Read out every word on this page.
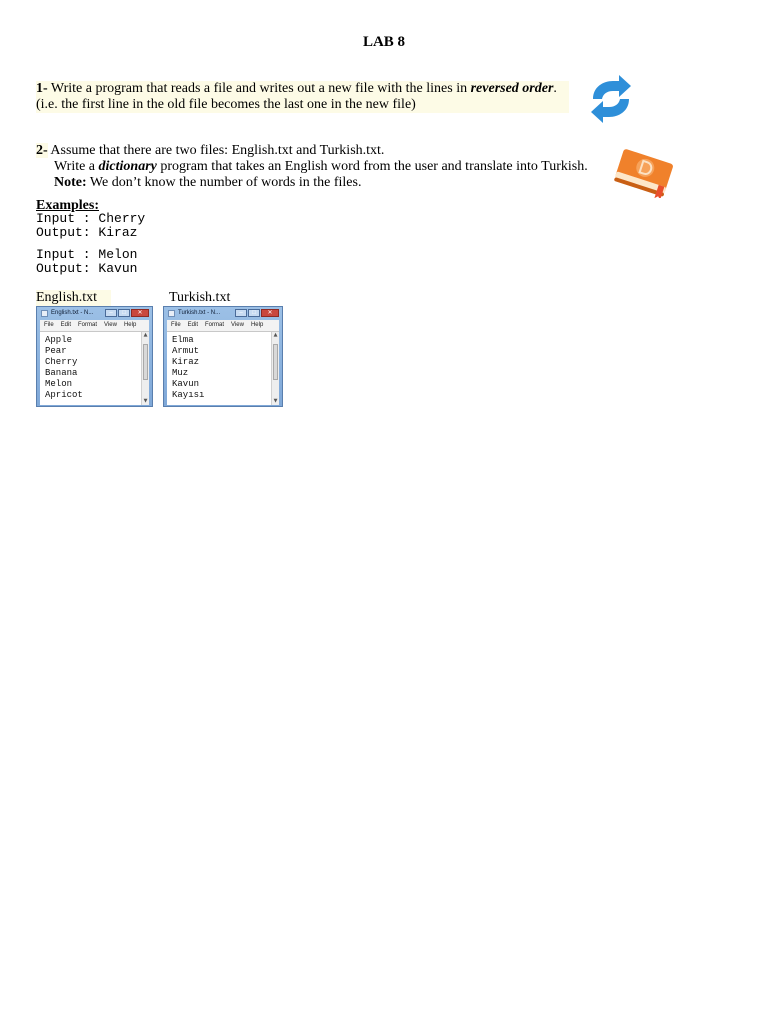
LAB 8
1- Write a program that reads a file and writes out a new file with the lines in reversed order.
(i.e. the first line in the old file becomes the last one in the new file)
2- Assume that there are two files: English.txt and Turkish.txt.
Write a dictionary program that takes an English word from the user and translate into Turkish.
Note: We don’t know the number of words in the files.
Examples:
Input : Cherry
Output: Kiraz
Input : Melon
Output: Kavun
English.txt	Turkish.txt
English.txt - N...	–	□	✕
File Edit Format View Help
Apple
Pear
Cherry
Banana
Melon
Apricot
▲
▼
Turkish.txt - N...	–	□	✕
File Edit Format View Help
Elma
Armut
Kiraz
Muz
Kavun
Kayısı
▲
▼
